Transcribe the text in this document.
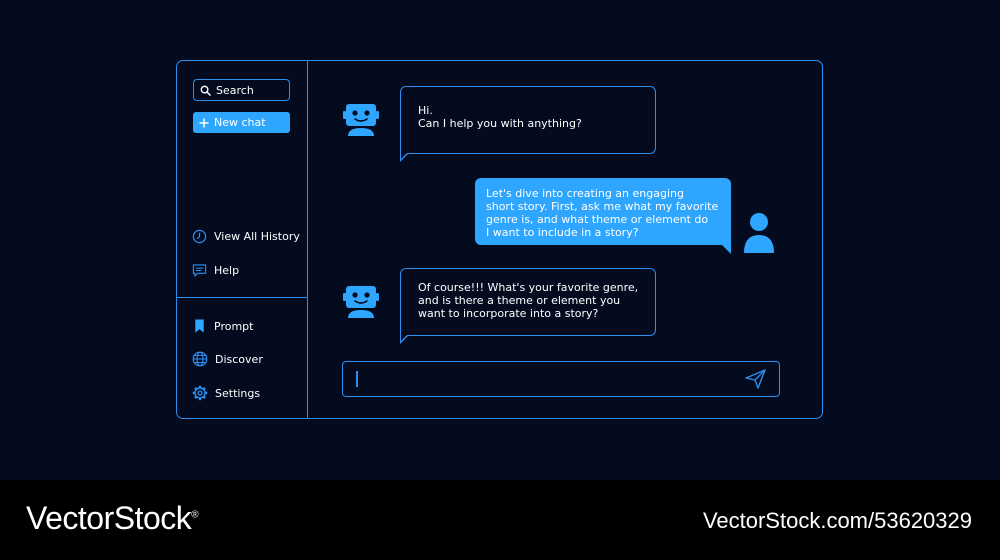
Search
New chat
View All History
Help
Prompt
Discover
Settings
Hi.
Can I help you with anything?
Let's dive into creating an engaging
short story. First, ask me what my favorite
genre is, and what theme or element do
I want to include in a story?
Of course!!! What's your favorite genre,
and is there a theme or element you
want to incorporate into a story?
VectorStock®	VectorStock.com/53620329
